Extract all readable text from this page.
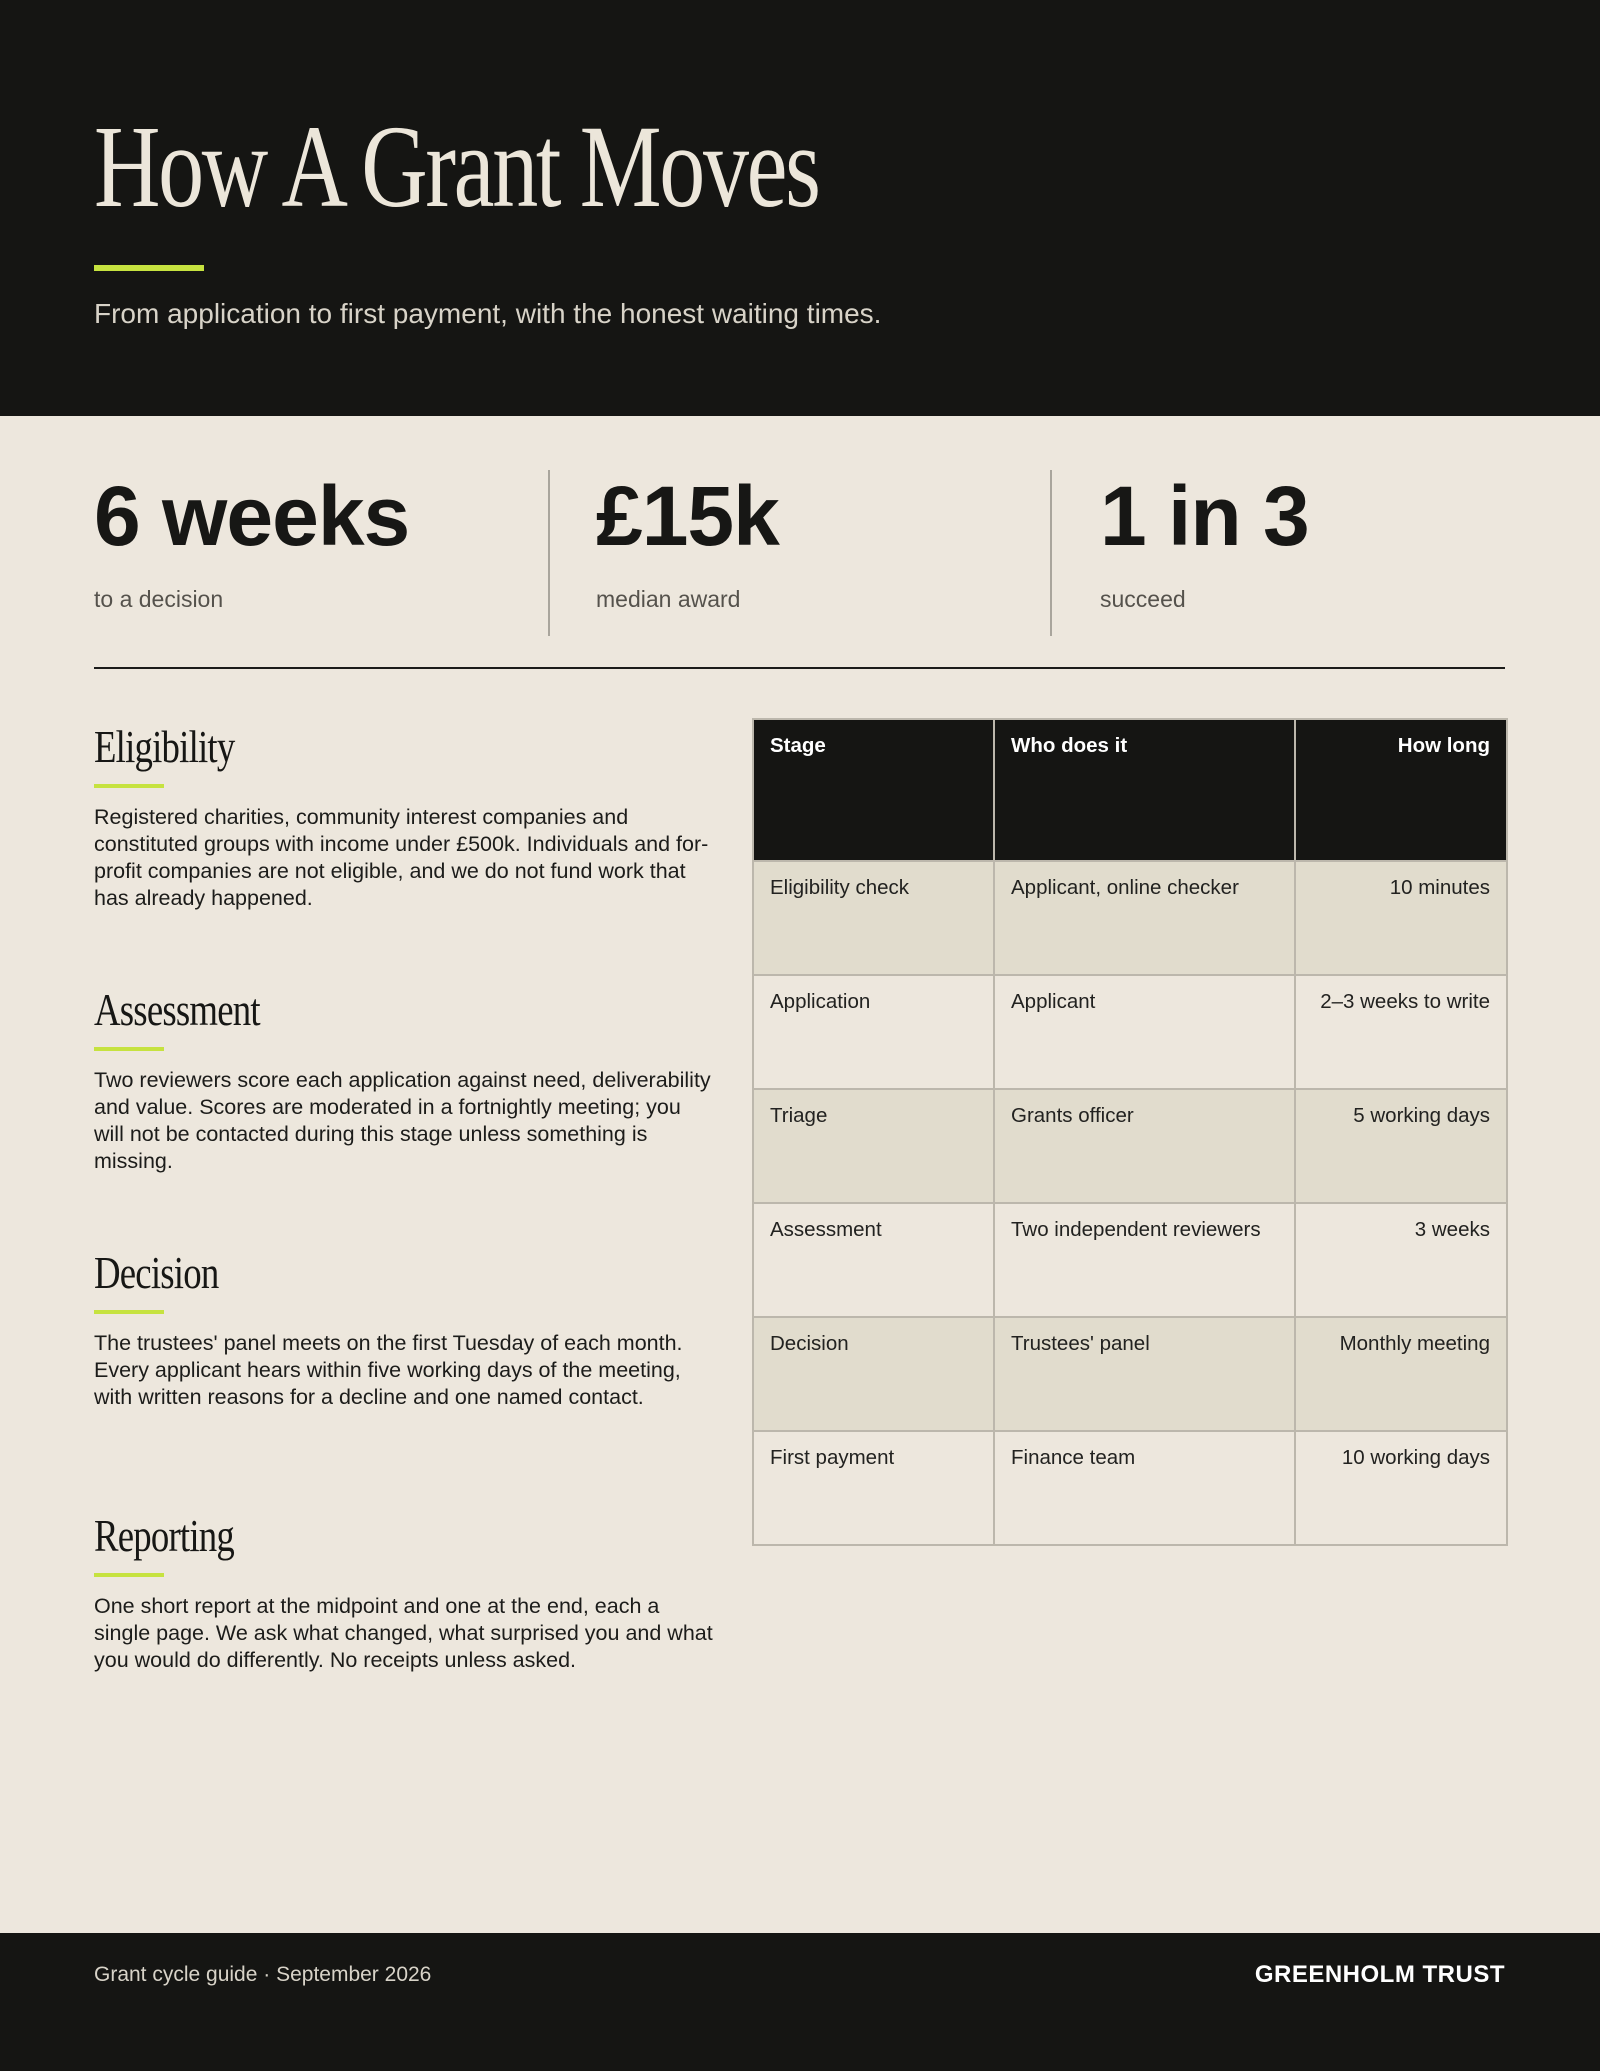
How A Grant Moves

From application to first payment, with the honest waiting times.

6 weeks

to a decision

£15k

median award

1 in 3

succeed

Eligibility

Registered charities, community interest companies and constituted groups with income under £500k. Individuals and for-profit companies are not eligible, and we do not fund work that has already happened.

Assessment

Two reviewers score each application against need, deliverability and value. Scores are moderated in a fortnightly meeting; you will not be contacted during this stage unless something is missing.

Decision

The trustees' panel meets on the first Tuesday of each month. Every applicant hears within five working days of the meeting, with written reasons for a decline and one named contact.

Reporting

One short report at the midpoint and one at the end, each a single page. We ask what changed, what surprised you and what you would do differently. No receipts unless asked.

Stage	Who does it	How long
Eligibility check	Applicant, online checker	10 minutes
Application	Applicant	2–3 weeks to write
Triage	Grants officer	5 working days
Assessment	Two independent reviewers	3 weeks
Decision	Trustees' panel	Monthly meeting
First payment	Finance team	10 working days

Grant cycle guide · September 2026	GREENHOLM TRUST
